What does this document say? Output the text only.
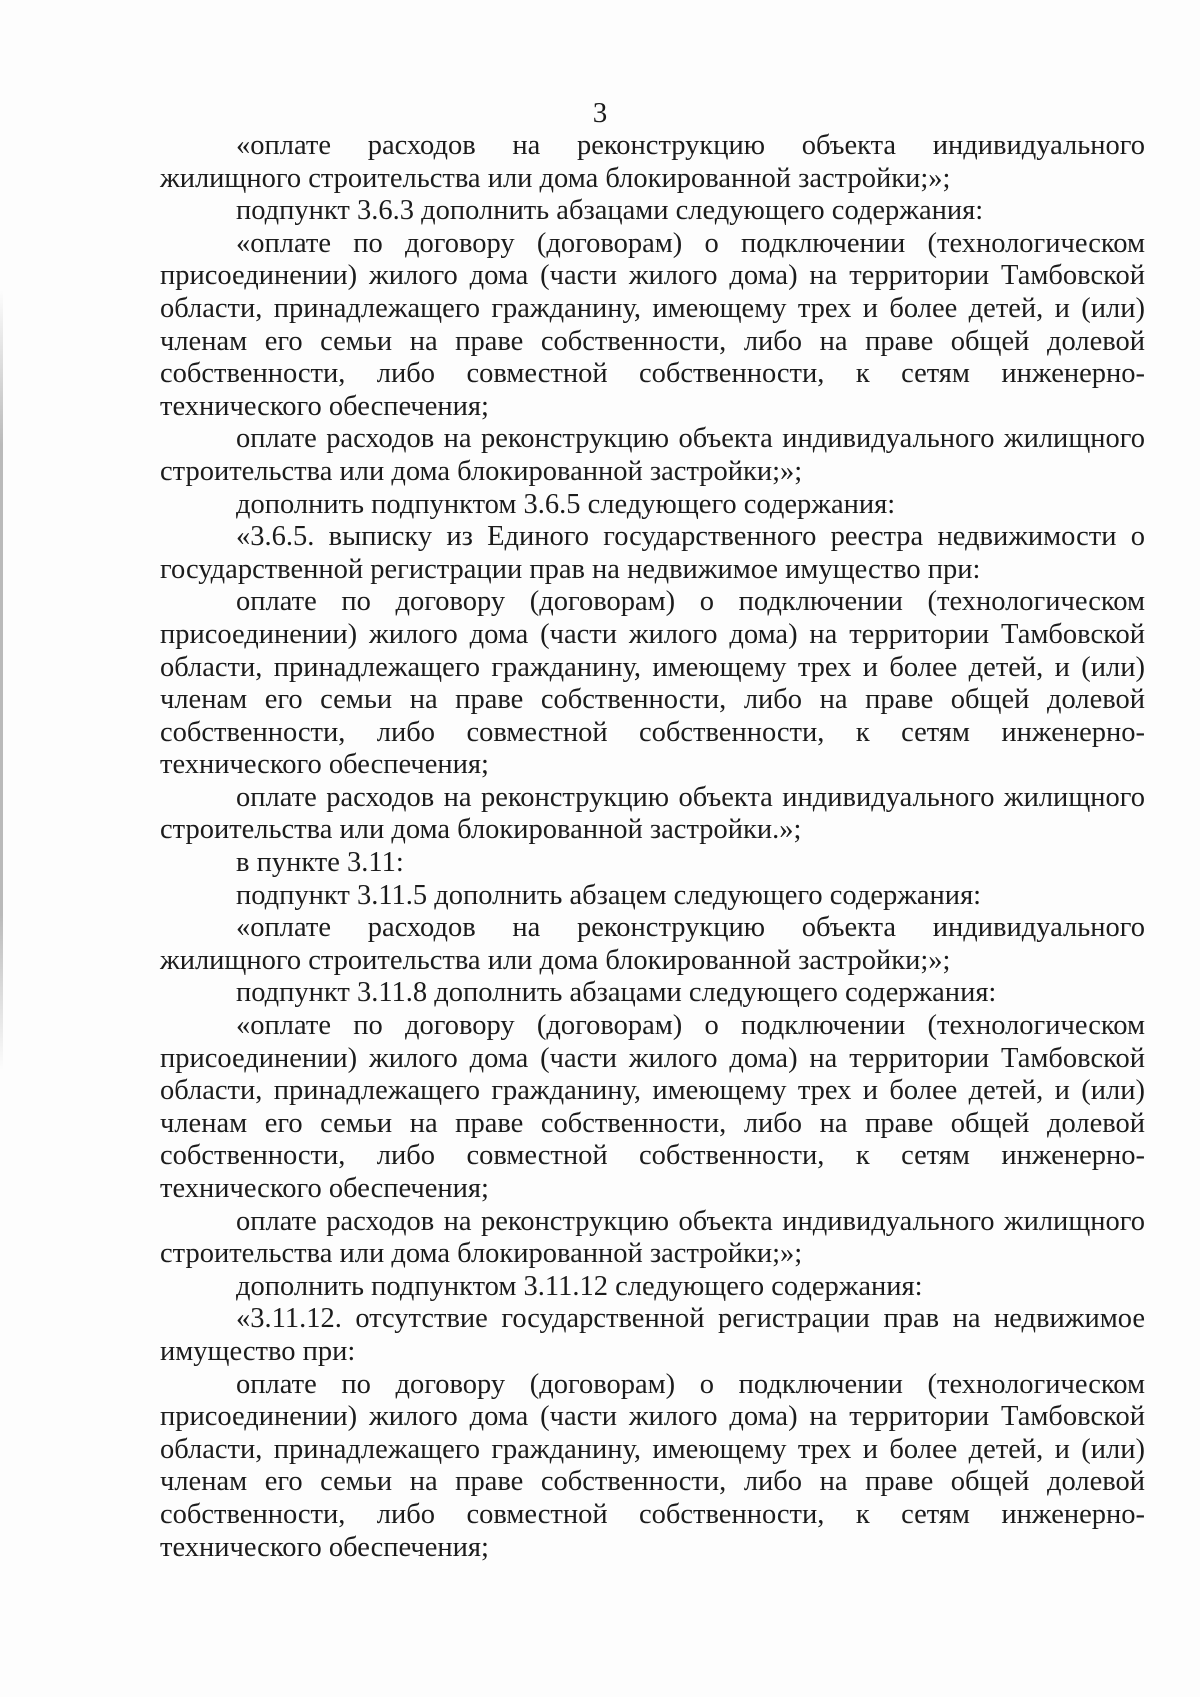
3

«оплате расходов на реконструкцию объекта индивидуального жилищного строительства или дома блокированной застройки;»;

подпункт 3.6.3 дополнить абзацами следующего содержания:

«оплате по договору (договорам) о подключении (технологическом присоединении) жилого дома (части жилого дома) на территории Тамбовской области, принадлежащего гражданину, имеющему трех и более детей, и (или) членам его семьи на праве собственности, либо на праве общей долевой собственности, либо совместной собственности, к сетям инженерно-технического обеспечения;

оплате расходов на реконструкцию объекта индивидуального жилищного строительства или дома блокированной застройки;»;

дополнить подпунктом 3.6.5 следующего содержания:

«3.6.5. выписку из Единого государственного реестра недвижимости о государственной регистрации прав на недвижимое имущество при:

оплате по договору (договорам) о подключении (технологическом присоединении) жилого дома (части жилого дома) на территории Тамбовской области, принадлежащего гражданину, имеющему трех и более детей, и (или) членам его семьи на праве собственности, либо на праве общей долевой собственности, либо совместной собственности, к сетям инженерно-технического обеспечения;

оплате расходов на реконструкцию объекта индивидуального жилищного строительства или дома блокированной застройки.»;

в пункте 3.11:

подпункт 3.11.5 дополнить абзацем следующего содержания:

«оплате расходов на реконструкцию объекта индивидуального жилищного строительства или дома блокированной застройки;»;

подпункт 3.11.8 дополнить абзацами следующего содержания:

«оплате по договору (договорам) о подключении (технологическом присоединении) жилого дома (части жилого дома) на территории Тамбовской области, принадлежащего гражданину, имеющему трех и более детей, и (или) членам его семьи на праве собственности, либо на праве общей долевой собственности, либо совместной собственности, к сетям инженерно-технического обеспечения;

оплате расходов на реконструкцию объекта индивидуального жилищного строительства или дома блокированной застройки;»;

дополнить подпунктом 3.11.12 следующего содержания:

«3.11.12. отсутствие государственной регистрации прав на недвижимое имущество при:

оплате по договору (договорам) о подключении (технологическом присоединении) жилого дома (части жилого дома) на территории Тамбовской области, принадлежащего гражданину, имеющему трех и более детей, и (или) членам его семьи на праве собственности, либо на праве общей долевой собственности, либо совместной собственности, к сетям инженерно-технического обеспечения;
